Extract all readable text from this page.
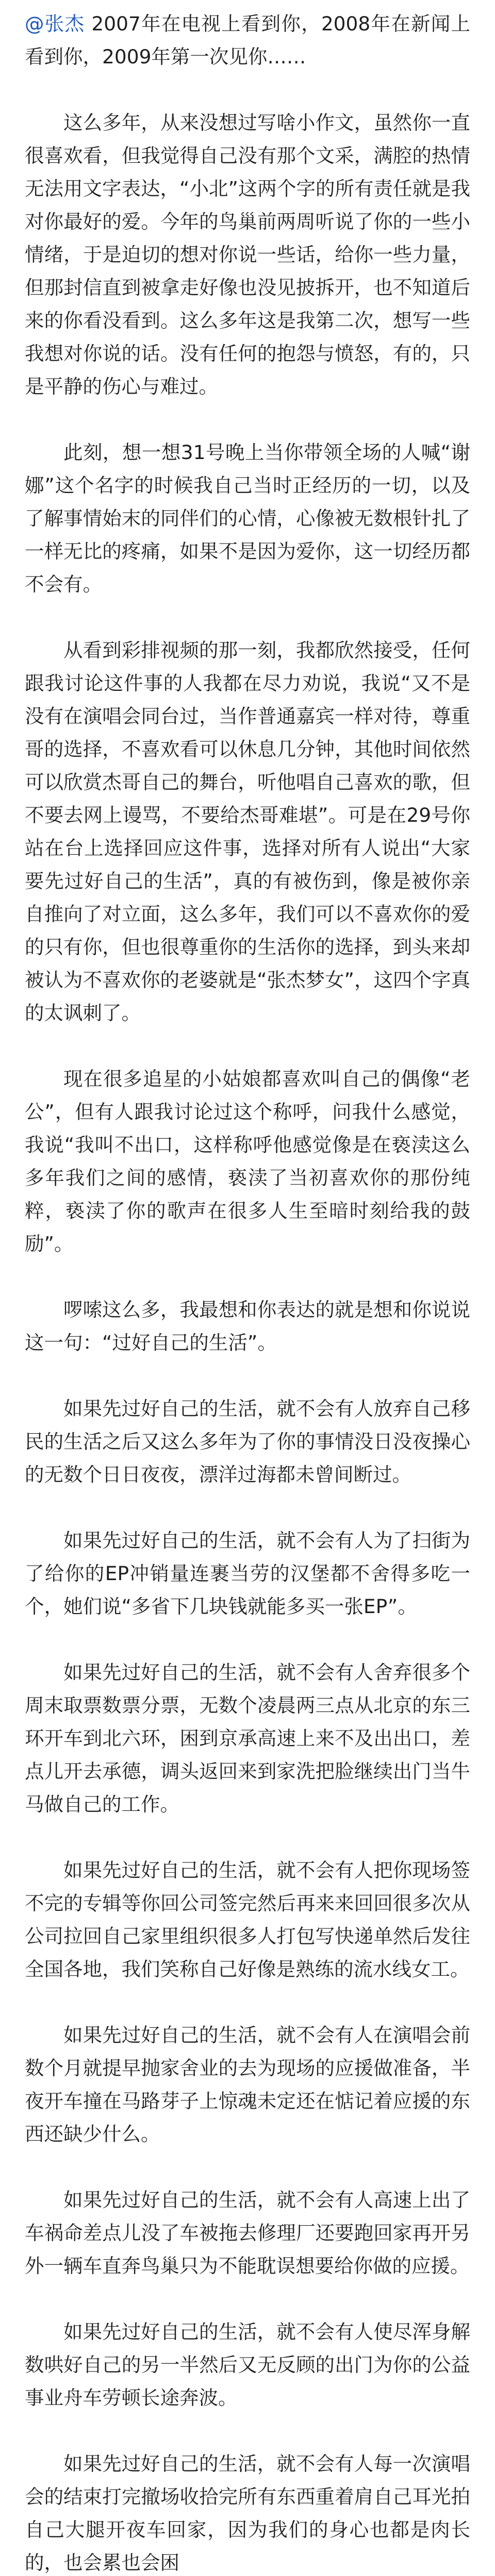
@张杰 2007年在电视上看到你，2008年在新闻上看到你，2009年第一次见你……

这么多年，从来没想过写啥小作文，虽然你一直很喜欢看，但我觉得自己没有那个文采，满腔的热情无法用文字表达，“小北”这两个字的所有责任就是我对你最好的爱。今年的鸟巢前两周听说了你的一些小情绪，于是迫切的想对你说一些话，给你一些力量，但那封信直到被拿走好像也没见披拆开，也不知道后来的你看没看到。这么多年这是我第二次，想写一些我想对你说的话。没有任何的抱怨与愤怒，有的，只是平静的伤心与难过。

此刻，想一想31号晚上当你带领全场的人喊“谢娜”这个名字的时候我自己当时正经历的一切，以及了解事情始末的同伴们的心情，心像被无数根针扎了一样无比的疼痛，如果不是因为爱你，这一切经历都不会有。

从看到彩排视频的那一刻，我都欣然接受，任何跟我讨论这件事的人我都在尽力劝说，我说“又不是没有在演唱会同台过，当作普通嘉宾一样对待，尊重哥的选择，不喜欢看可以休息几分钟，其他时间依然可以欣赏杰哥自己的舞台，听他唱自己喜欢的歌，但不要去网上谩骂，不要给杰哥难堪”。可是在29号你站在台上选择回应这件事，选择对所有人说出“大家要先过好自己的生活”，真的有被伤到，像是被你亲自推向了对立面，这么多年，我们可以不喜欢你的爱的只有你，但也很尊重你的生活你的选择，到头来却被认为不喜欢你的老婆就是“张杰梦女”，这四个字真的太讽刺了。

现在很多追星的小姑娘都喜欢叫自己的偶像“老公”，但有人跟我讨论过这个称呼，问我什么感觉，我说“我叫不出口，这样称呼他感觉像是在亵渎这么多年我们之间的感情，亵渎了当初喜欢你的那份纯粹，亵渎了你的歌声在很多人生至暗时刻给我的鼓励”。

啰嗦这么多，我最想和你表达的就是想和你说说这一句：“过好自己的生活”。

如果先过好自己的生活，就不会有人放弃自己移民的生活之后又这么多年为了你的事情没日没夜操心的无数个日日夜夜，漂洋过海都未曾间断过。

如果先过好自己的生活，就不会有人为了扫街为了给你的EP冲销量连裹当劳的汉堡都不舍得多吃一个，她们说“多省下几块钱就能多买一张EP”。

如果先过好自己的生活，就不会有人舍弃很多个周末取票数票分票，无数个凌晨两三点从北京的东三环开车到北六环，困到京承高速上来不及出出口，差点儿开去承德，调头返回来到家洗把脸继续出门当牛马做自己的工作。

如果先过好自己的生活，就不会有人把你现场签不完的专辑等你回公司签完然后再来来回回很多次从公司拉回自己家里组织很多人打包写快递单然后发往全国各地，我们笑称自己好像是熟练的流水线女工。

如果先过好自己的生活，就不会有人在演唱会前数个月就提早抛家舍业的去为现场的应援做准备，半夜开车撞在马路芽子上惊魂未定还在惦记着应援的东西还缺少什么。

如果先过好自己的生活，就不会有人高速上出了车祸命差点儿没了车被拖去修理厂还要跑回家再开另外一辆车直奔鸟巢只为不能耽误想要给你做的应援。

如果先过好自己的生活，就不会有人使尽浑身解数哄好自己的另一半然后又无反顾的出门为你的公益事业舟车劳顿长途奔波。

如果先过好自己的生活，就不会有人每一次演唱会的结束打完撤场收拾完所有东西重着肩自己耳光拍自己大腿开夜车回家，因为我们的身心也都是肉长的，也会累也会困
